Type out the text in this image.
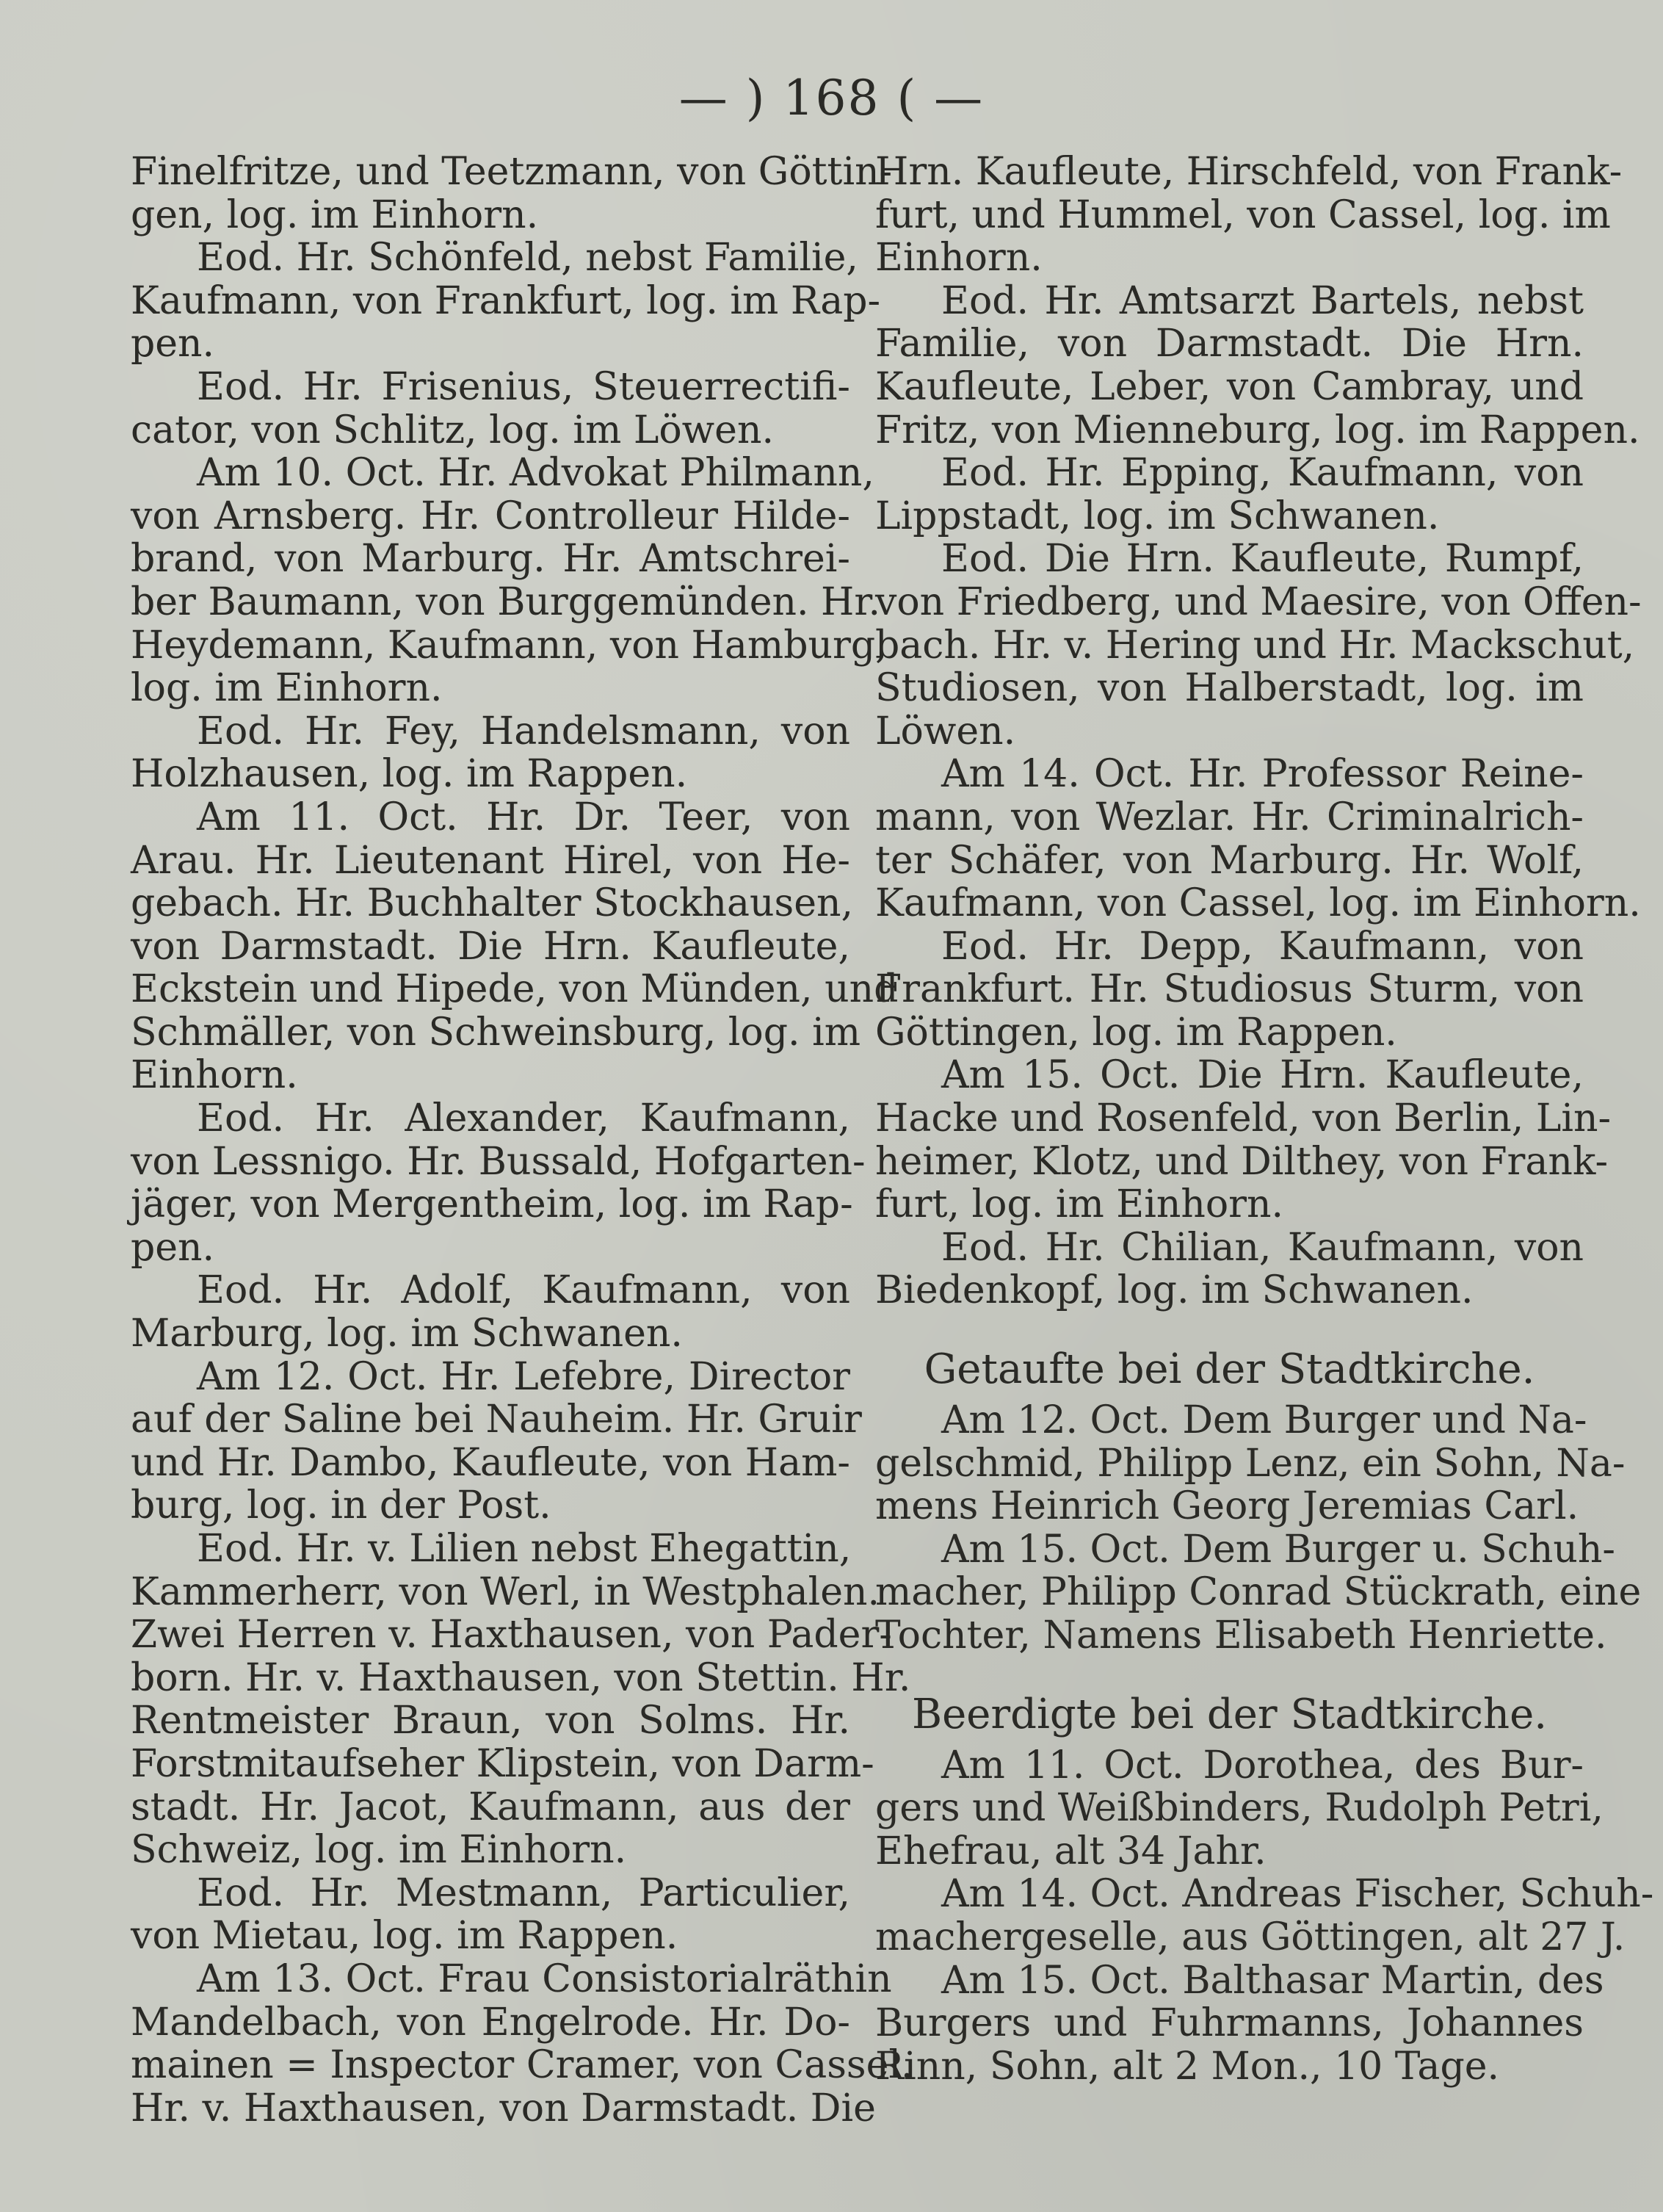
— ) 168 ( —
Finelfritze, und Teetzmann, von Göttin-
gen, log. im Einhorn.
Eod. Hr. Schönfeld, nebst Familie,
Kaufmann, von Frankfurt, log. im Rap-
pen.
Eod. Hr. Frisenius, Steuerrectifi-
cator, von Schlitz, log. im Löwen.
Am 10. Oct. Hr. Advokat Philmann,
von Arnsberg. Hr. Controlleur Hilde-
brand, von Marburg. Hr. Amtschrei-
ber Baumann, von Burggemünden. Hr.
Heydemann, Kaufmann, von Hamburg,
log. im Einhorn.
Eod. Hr. Fey, Handelsmann, von
Holzhausen, log. im Rappen.
Am 11. Oct. Hr. Dr. Teer, von
Arau. Hr. Lieutenant Hirel, von He-
gebach. Hr. Buchhalter Stockhausen,
von Darmstadt. Die Hrn. Kaufleute,
Eckstein und Hipede, von Münden, und
Schmäller, von Schweinsburg, log. im
Einhorn.
Eod. Hr. Alexander, Kaufmann,
von Lessnigo. Hr. Bussald, Hofgarten-
jäger, von Mergentheim, log. im Rap-
pen.
Eod. Hr. Adolf, Kaufmann, von
Marburg, log. im Schwanen.
Am 12. Oct. Hr. Lefebre, Director
auf der Saline bei Nauheim. Hr. Gruir
und Hr. Dambo, Kaufleute, von Ham-
burg, log. in der Post.
Eod. Hr. v. Lilien nebst Ehegattin,
Kammerherr, von Werl, in Westphalen.
Zwei Herren v. Haxthausen, von Pader-
born. Hr. v. Haxthausen, von Stettin. Hr.
Rentmeister Braun, von Solms. Hr.
Forstmitaufseher Klipstein, von Darm-
stadt. Hr. Jacot, Kaufmann, aus der
Schweiz, log. im Einhorn.
Eod. Hr. Mestmann, Particulier,
von Mietau, log. im Rappen.
Am 13. Oct. Frau Consistorialräthin
Mandelbach, von Engelrode. Hr. Do-
mainen = Inspector Cramer, von Cassel.
Hr. v. Haxthausen, von Darmstadt. Die
Hrn. Kaufleute, Hirschfeld, von Frank-
furt, und Hummel, von Cassel, log. im
Einhorn.
Eod. Hr. Amtsarzt Bartels, nebst
Familie, von Darmstadt. Die Hrn.
Kaufleute, Leber, von Cambray, und
Fritz, von Mienneburg, log. im Rappen.
Eod. Hr. Epping, Kaufmann, von
Lippstadt, log. im Schwanen.
Eod. Die Hrn. Kaufleute, Rumpf,
von Friedberg, und Maesire, von Offen-
bach. Hr. v. Hering und Hr. Mackschut,
Studiosen, von Halberstadt, log. im
Löwen.
Am 14. Oct. Hr. Professor Reine-
mann, von Wezlar. Hr. Criminalrich-
ter Schäfer, von Marburg. Hr. Wolf,
Kaufmann, von Cassel, log. im Einhorn.
Eod. Hr. Depp, Kaufmann, von
Frankfurt. Hr. Studiosus Sturm, von
Göttingen, log. im Rappen.
Am 15. Oct. Die Hrn. Kaufleute,
Hacke und Rosenfeld, von Berlin, Lin-
heimer, Klotz, und Dilthey, von Frank-
furt, log. im Einhorn.
Eod. Hr. Chilian, Kaufmann, von
Biedenkopf, log. im Schwanen.
Getaufte bei der Stadtkirche.
Am 12. Oct. Dem Burger und Na-
gelschmid, Philipp Lenz, ein Sohn, Na-
mens Heinrich Georg Jeremias Carl.
Am 15. Oct. Dem Burger u. Schuh-
macher, Philipp Conrad Stückrath, eine
Tochter, Namens Elisabeth Henriette.
Beerdigte bei der Stadtkirche.
Am 11. Oct. Dorothea, des Bur-
gers und Weißbinders, Rudolph Petri,
Ehefrau, alt 34 Jahr.
Am 14. Oct. Andreas Fischer, Schuh-
machergeselle, aus Göttingen, alt 27 J.
Am 15. Oct. Balthasar Martin, des
Burgers und Fuhrmanns, Johannes
Rinn, Sohn, alt 2 Mon., 10 Tage.
